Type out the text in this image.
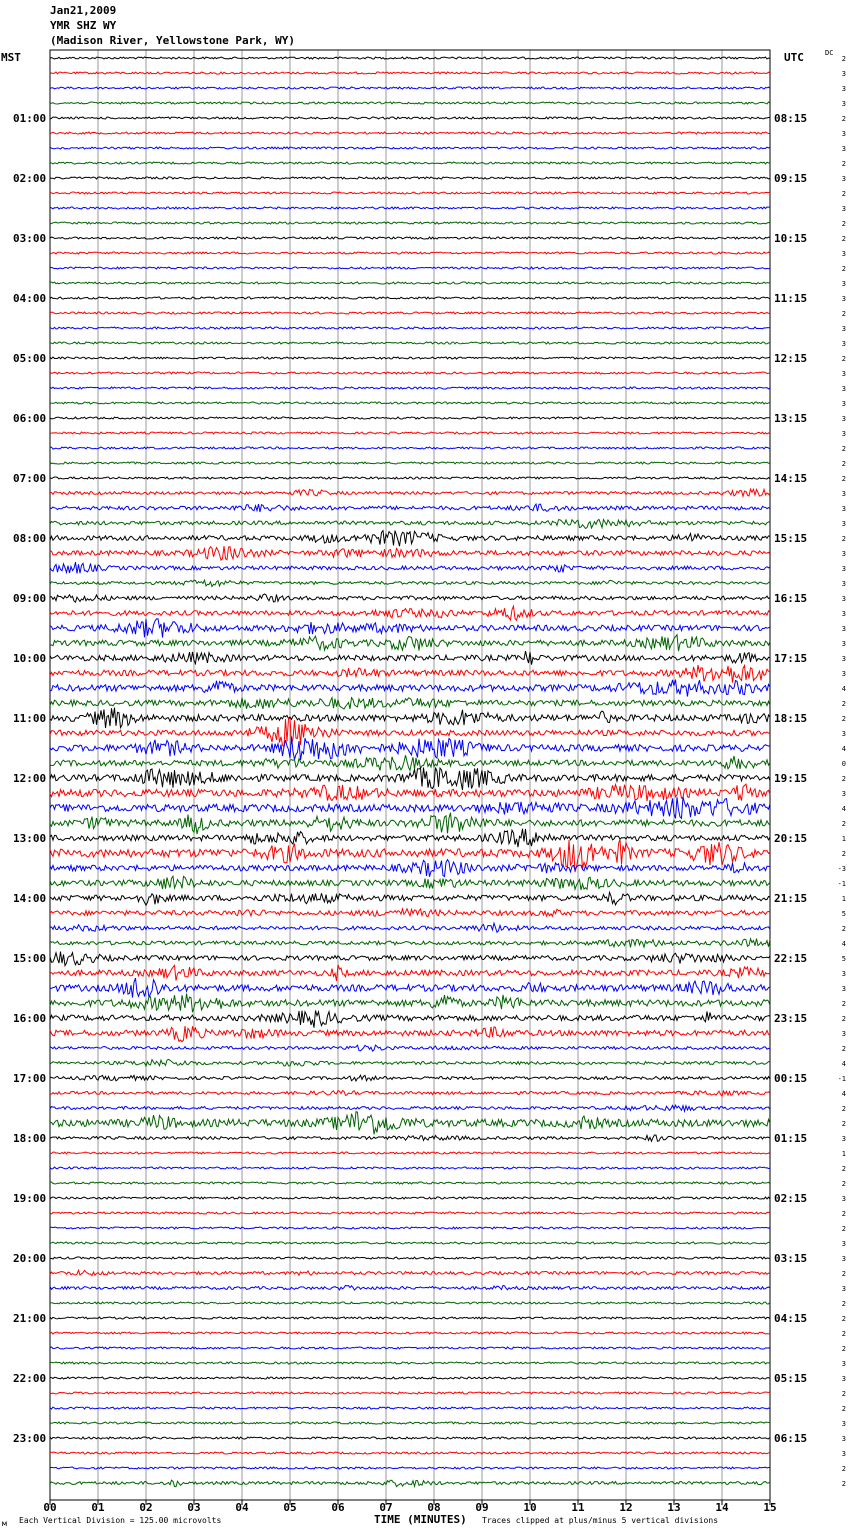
01:00
02:00
03:00
04:00
05:00
06:00
07:00
08:00
09:00
10:00
11:00
12:00
13:00
14:00
15:00
16:00
17:00
18:00
19:00
20:00
21:00
22:00
23:00
08:15
09:15
10:15
11:15
12:15
13:15
14:15
15:15
16:15
17:15
18:15
19:15
20:15
21:15
22:15
23:15
00:15
01:15
02:15
03:15
04:15
05:15
06:15
2
3
3
3
2
3
3
2
3
2
3
2
2
3
2
3
3
2
3
3
2
3
3
3
3
3
2
2
2
3
3
3
2
3
3
3
3
3
3
3
3
3
4
2
2
3
4
0
2
3
4
2
1
2
-3
-1
1
5
2
4
5
3
3
2
2
3
2
4
-1
4
2
2
3
1
2
2
3
2
2
3
3
2
3
2
2
2
2
3
3
2
2
3
3
3
2
2
00	01	02	03	04	05	06	07	08	09	10	11	12	13	14	15
Jan21,2009
YMR SHZ WY
(Madison River, Yellowstone Park, WY)
MST	UTC	DC
м Each Vertical Division = 125.00 microvolts	TIME (MINUTES) Traces clipped at plus/minus 5 vertical divisions
